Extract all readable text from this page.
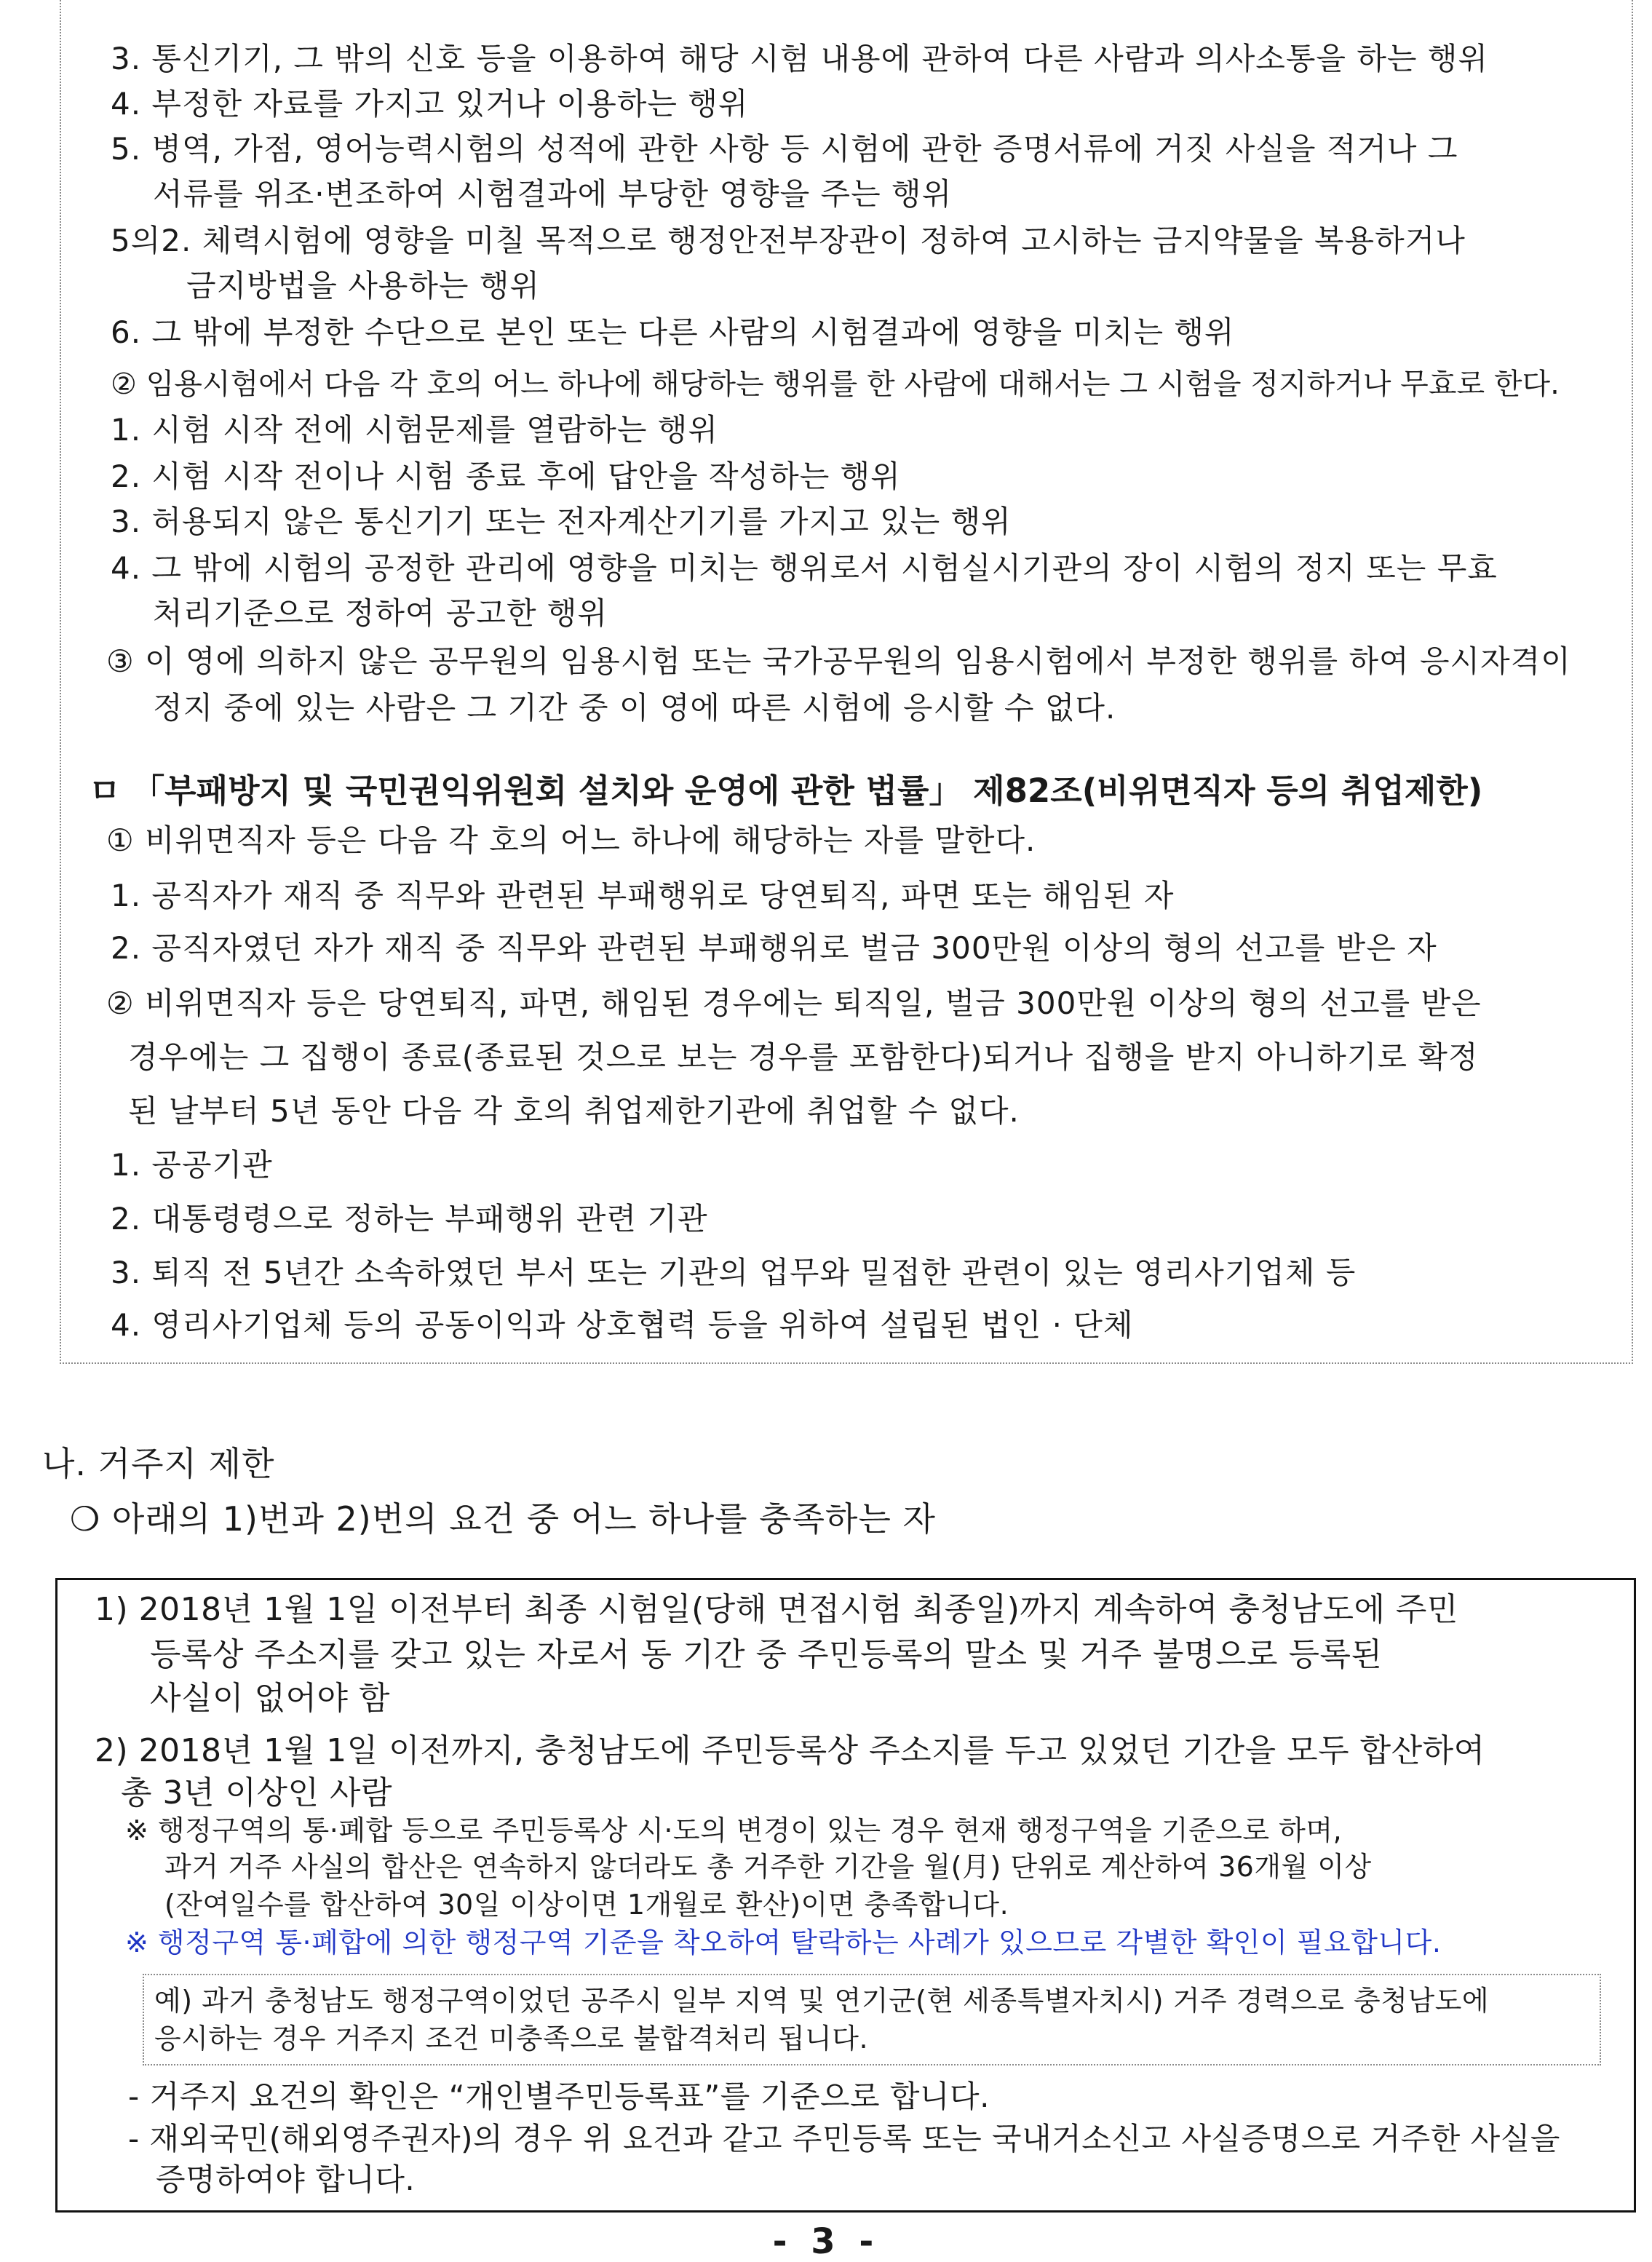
3. 통신기기, 그 밖의 신호 등을 이용하여 해당 시험 내용에 관하여 다른 사람과 의사소통을 하는 행위
4. 부정한 자료를 가지고 있거나 이용하는 행위
5. 병역, 가점, 영어능력시험의 성적에 관한 사항 등 시험에 관한 증명서류에 거짓 사실을 적거나 그
서류를 위조·변조하여 시험결과에 부당한 영향을 주는 행위
5의2. 체력시험에 영향을 미칠 목적으로 행정안전부장관이 정하여 고시하는 금지약물을 복용하거나
금지방법을 사용하는 행위
6. 그 밖에 부정한 수단으로 본인 또는 다른 사람의 시험결과에 영향을 미치는 행위
② 임용시험에서 다음 각 호의 어느 하나에 해당하는 행위를 한 사람에 대해서는 그 시험을 정지하거나 무효로 한다.
1. 시험 시작 전에 시험문제를 열람하는 행위
2. 시험 시작 전이나 시험 종료 후에 답안을 작성하는 행위
3. 허용되지 않은 통신기기 또는 전자계산기기를 가지고 있는 행위
4. 그 밖에 시험의 공정한 관리에 영향을 미치는 행위로서 시험실시기관의 장이 시험의 정지 또는 무효
처리기준으로 정하여 공고한 행위
③ 이 영에 의하지 않은 공무원의 임용시험 또는 국가공무원의 임용시험에서 부정한 행위를 하여 응시자격이
정지 중에 있는 사람은 그 기간 중 이 영에 따른 시험에 응시할 수 없다.
ㅁ 「부패방지 및 국민권익위원회 설치와 운영에 관한 법률」 제82조(비위면직자 등의 취업제한)
① 비위면직자 등은 다음 각 호의 어느 하나에 해당하는 자를 말한다.
1. 공직자가 재직 중 직무와 관련된 부패행위로 당연퇴직, 파면 또는 해임된 자
2. 공직자였던 자가 재직 중 직무와 관련된 부패행위로 벌금 300만원 이상의 형의 선고를 받은 자
② 비위면직자 등은 당연퇴직, 파면, 해임된 경우에는 퇴직일, 벌금 300만원 이상의 형의 선고를 받은
경우에는 그 집행이 종료(종료된 것으로 보는 경우를 포함한다)되거나 집행을 받지 아니하기로 확정
된 날부터 5년 동안 다음 각 호의 취업제한기관에 취업할 수 없다.
1. 공공기관
2. 대통령령으로 정하는 부패행위 관련 기관
3. 퇴직 전 5년간 소속하였던 부서 또는 기관의 업무와 밀접한 관련이 있는 영리사기업체 등
4. 영리사기업체 등의 공동이익과 상호협력 등을 위하여 설립된 법인 · 단체
나. 거주지 제한
❍ 아래의 1)번과 2)번의 요건 중 어느 하나를 충족하는 자
1) 2018년 1월 1일 이전부터 최종 시험일(당해 면접시험 최종일)까지 계속하여 충청남도에 주민
등록상 주소지를 갖고 있는 자로서 동 기간 중 주민등록의 말소 및 거주 불명으로 등록된
사실이 없어야 함
2) 2018년 1월 1일 이전까지, 충청남도에 주민등록상 주소지를 두고 있었던 기간을 모두 합산하여
총 3년 이상인 사람
※ 행정구역의 통·폐합 등으로 주민등록상 시·도의 변경이 있는 경우 현재 행정구역을 기준으로 하며,
과거 거주 사실의 합산은 연속하지 않더라도 총 거주한 기간을 월(月) 단위로 계산하여 36개월 이상
(잔여일수를 합산하여 30일 이상이면 1개월로 환산)이면 충족합니다.
※ 행정구역 통·폐합에 의한 행정구역 기준을 착오하여 탈락하는 사례가 있으므로 각별한 확인이 필요합니다.
예) 과거 충청남도 행정구역이었던 공주시 일부 지역 및 연기군(현 세종특별자치시) 거주 경력으로 충청남도에
응시하는 경우 거주지 조건 미충족으로 불합격처리 됩니다.
- 거주지 요건의 확인은 “개인별주민등록표”를 기준으로 합니다.
- 재외국민(해외영주권자)의 경우 위 요건과 같고 주민등록 또는 국내거소신고 사실증명으로 거주한 사실을
증명하여야 합니다.
- 3 -
